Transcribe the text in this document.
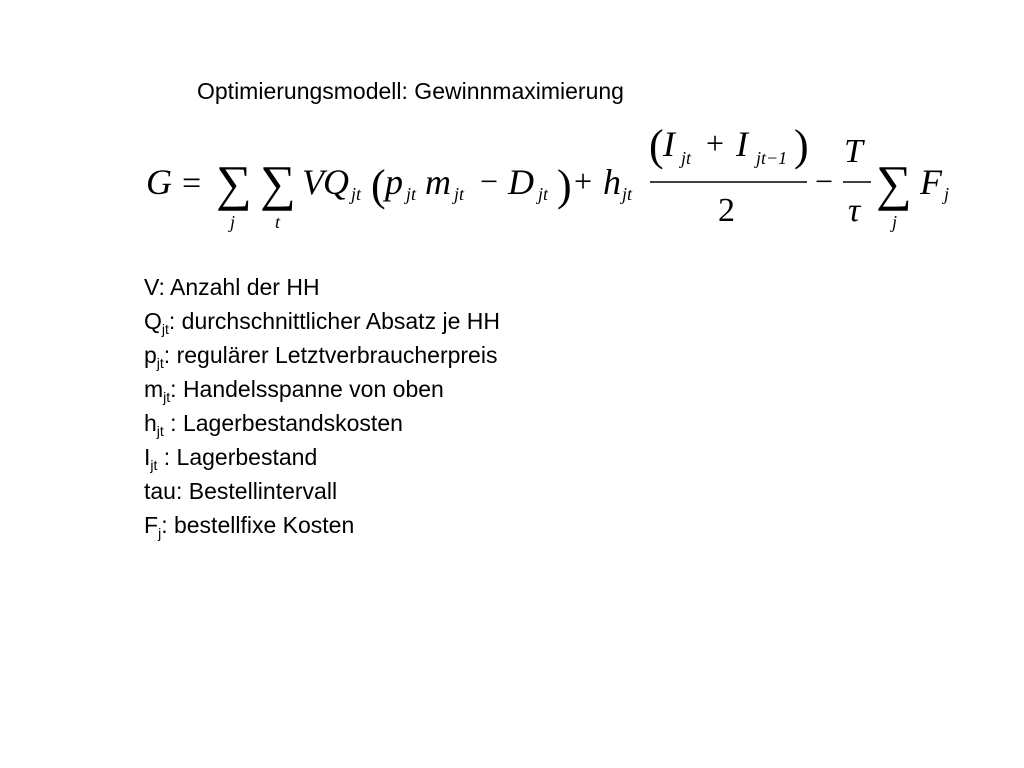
Optimierungsmodell: Gewinnmaximierung
G = ∑
j
∑
t
V Q jt ( p jt m jt − D jt ) + h jt
( I jt + I jt−1 )
2
−
T
τ ∑
j
F j
V: Anzahl der HH
$Q_{jt}$: durchschnittlicher Absatz je HH
$p_{jt}$: regulärer Letztverbraucherpreis
$m_{jt}$: Handelsspanne von oben
$h_{jt}$ : Lagerbestandskosten
$I_{jt}$ : Lagerbestand
tau: Bestellintervall
$F_j$: bestellfixe Kosten
